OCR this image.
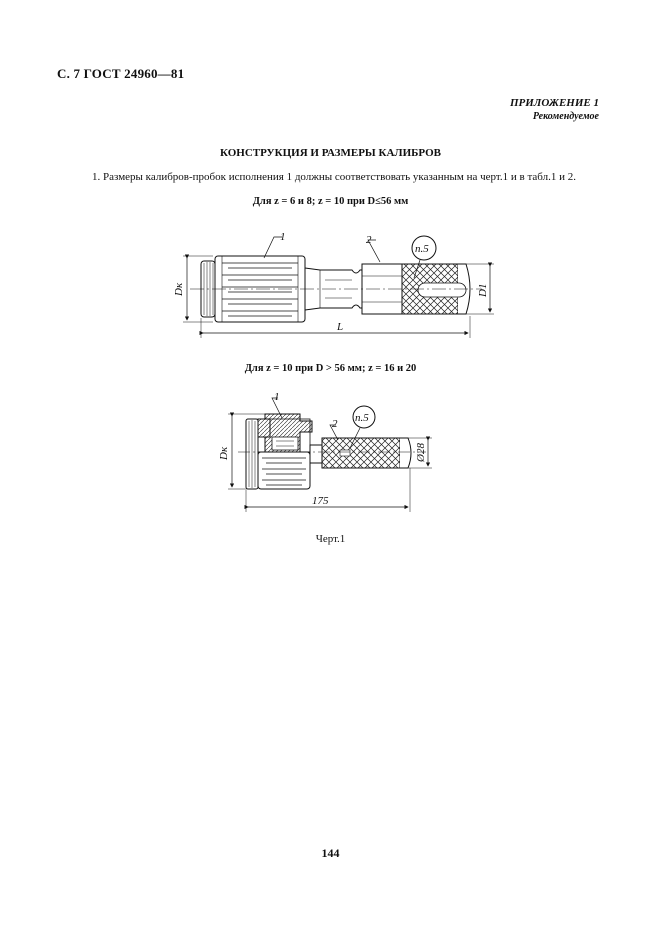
С. 7 ГОСТ 24960—81
ПРИЛОЖЕНИЕ 1
Рекомендуемое
КОНСТРУКЦИЯ И РАЗМЕРЫ КАЛИБРОВ
1. Размеры калибров-пробок исполнения 1 должны соответствовать указанным на черт.1 и в табл.1 и 2.
Для z = 6 и 8; z = 10 при D≤56 мм
Для z = 10 при D > 56 мм; z = 16 и 20
Черт.1
144
1	2
п.5
Dк	D1
L
1
2 п.5
Dк	Ø28
175
